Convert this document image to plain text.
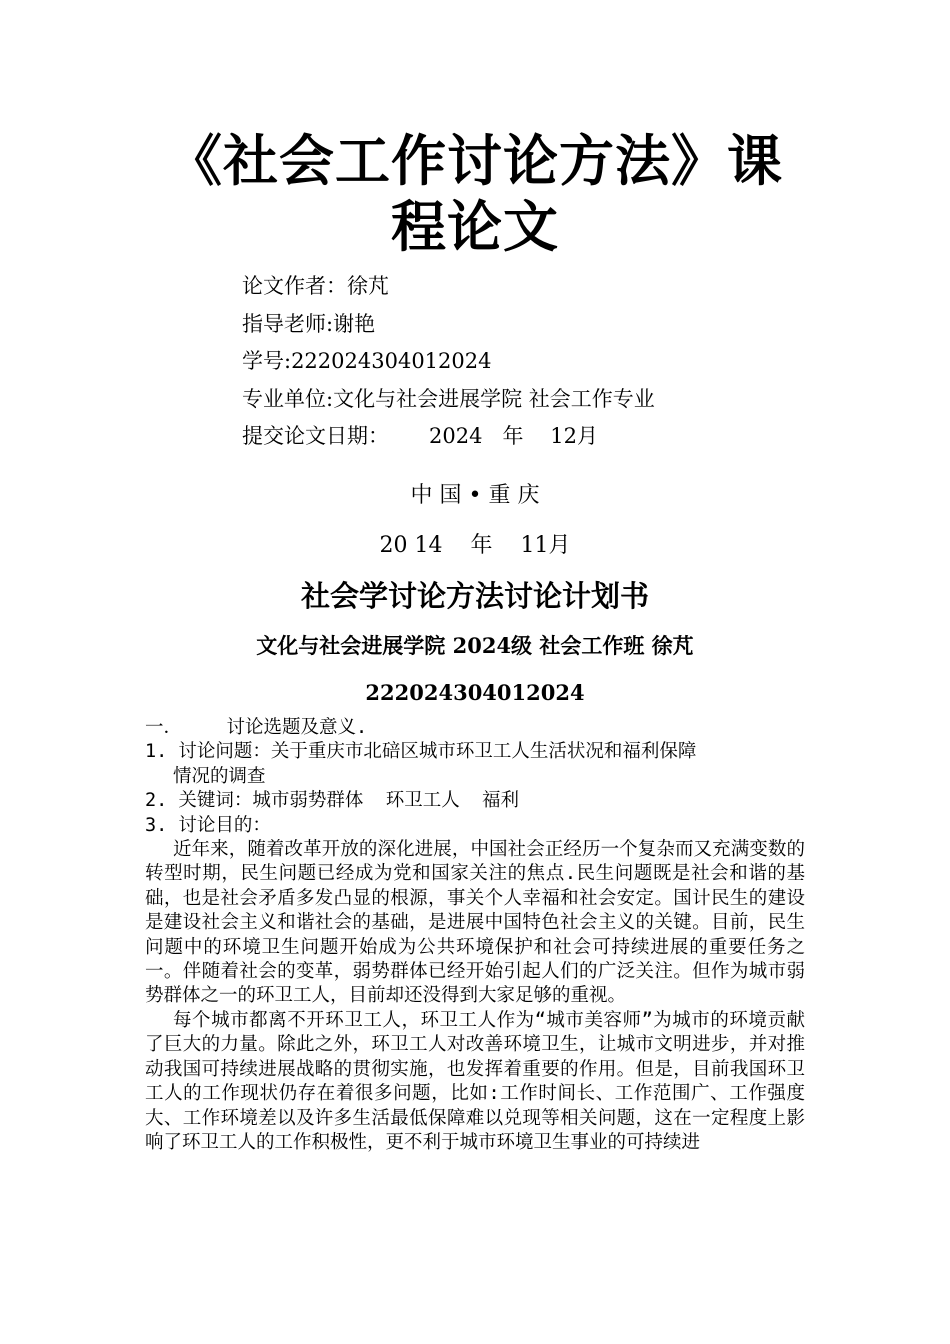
《社会工作讨论方法》课程论文
论文作者：徐芃
指导老师:谢艳
学号:222024304012024
专业单位:文化与社会进展学院 社会工作专业
提交论文日期：      2024   年    12月
中 国 • 重 庆
20 14    年    11月
社会学讨论方法讨论计划书
文化与社会进展学院 2024级 社会工作班 徐芃
222024304012024
一．    讨论选题及意义.
1. 讨论问题：关于重庆市北碚区城市环卫工人生活状况和福利保障
情况的调查
2. 关键词：城市弱势群体  环卫工人  福利
3. 讨论目的：

近年来，随着改革开放的深化进展，中国社会正经历一个复杂而又充满变数的转型时期，民生问题已经成为党和国家关注的焦点.民生问题既是社会和谐的基础，也是社会矛盾多发凸显的根源，事关个人幸福和社会安定。国计民生的建设是建设社会主义和谐社会的基础，是进展中国特色社会主义的关键。目前，民生问题中的环境卫生问题开始成为公共环境保护和社会可持续进展的重要任务之一。伴随着社会的变革，弱势群体已经开始引起人们的广泛关注。但作为城市弱势群体之一的环卫工人，目前却还没得到大家足够的重视。

每个城市都离不开环卫工人，环卫工人作为“城市美容师”为城市的环境贡献了巨大的力量。除此之外，环卫工人对改善环境卫生，让城市文明进步，并对推动我国可持续进展战略的贯彻实施，也发挥着重要的作用。但是，目前我国环卫工人的工作现状仍存在着很多问题，比如:工作时间长、工作范围广、工作强度大、工作环境差以及许多生活最低保障难以兑现等相关问题，这在一定程度上影响了环卫工人的工作积极性，更不利于城市环境卫生事业的可持续进
